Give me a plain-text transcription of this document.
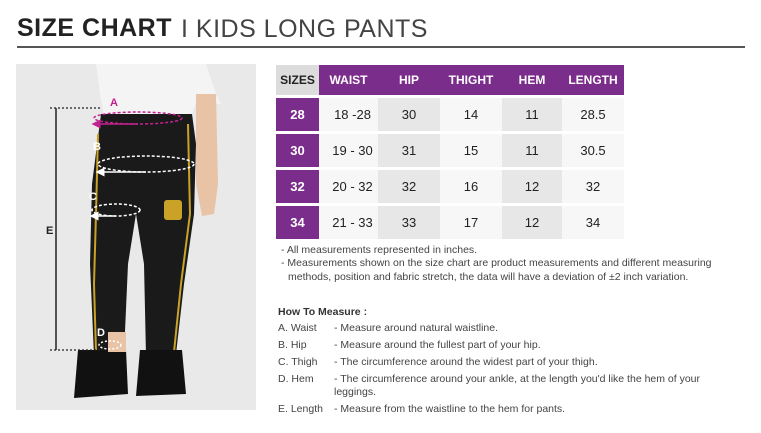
SIZE CHART I KIDS LONG PANTS
A
B
C
D
E
SIZES	WAIST	HIP	THIGHT	HEM	LENGTH
28	18 -28	30	14	11	28.5
30	19 - 30	31	15	11	30.5
32	20 - 32	32	16	12	32
34	21 - 33	33	17	12	34
- All measurements represented in inches.
- Measurements shown on the size chart are product measurements and different measuring methods, position and fabric stretch, the data will have a deviation of ±2 inch variation.
How To Measure :
A. Waist	- Measure around natural waistline.
B. Hip	- Measure around the fullest part of your hip.
C. Thigh	- The circumference around the widest part of your thigh.
D. Hem	- The circumference around your ankle, at the length you'd like the hem of your leggings.
E. Length	- Measure from the waistline to the hem for pants.
